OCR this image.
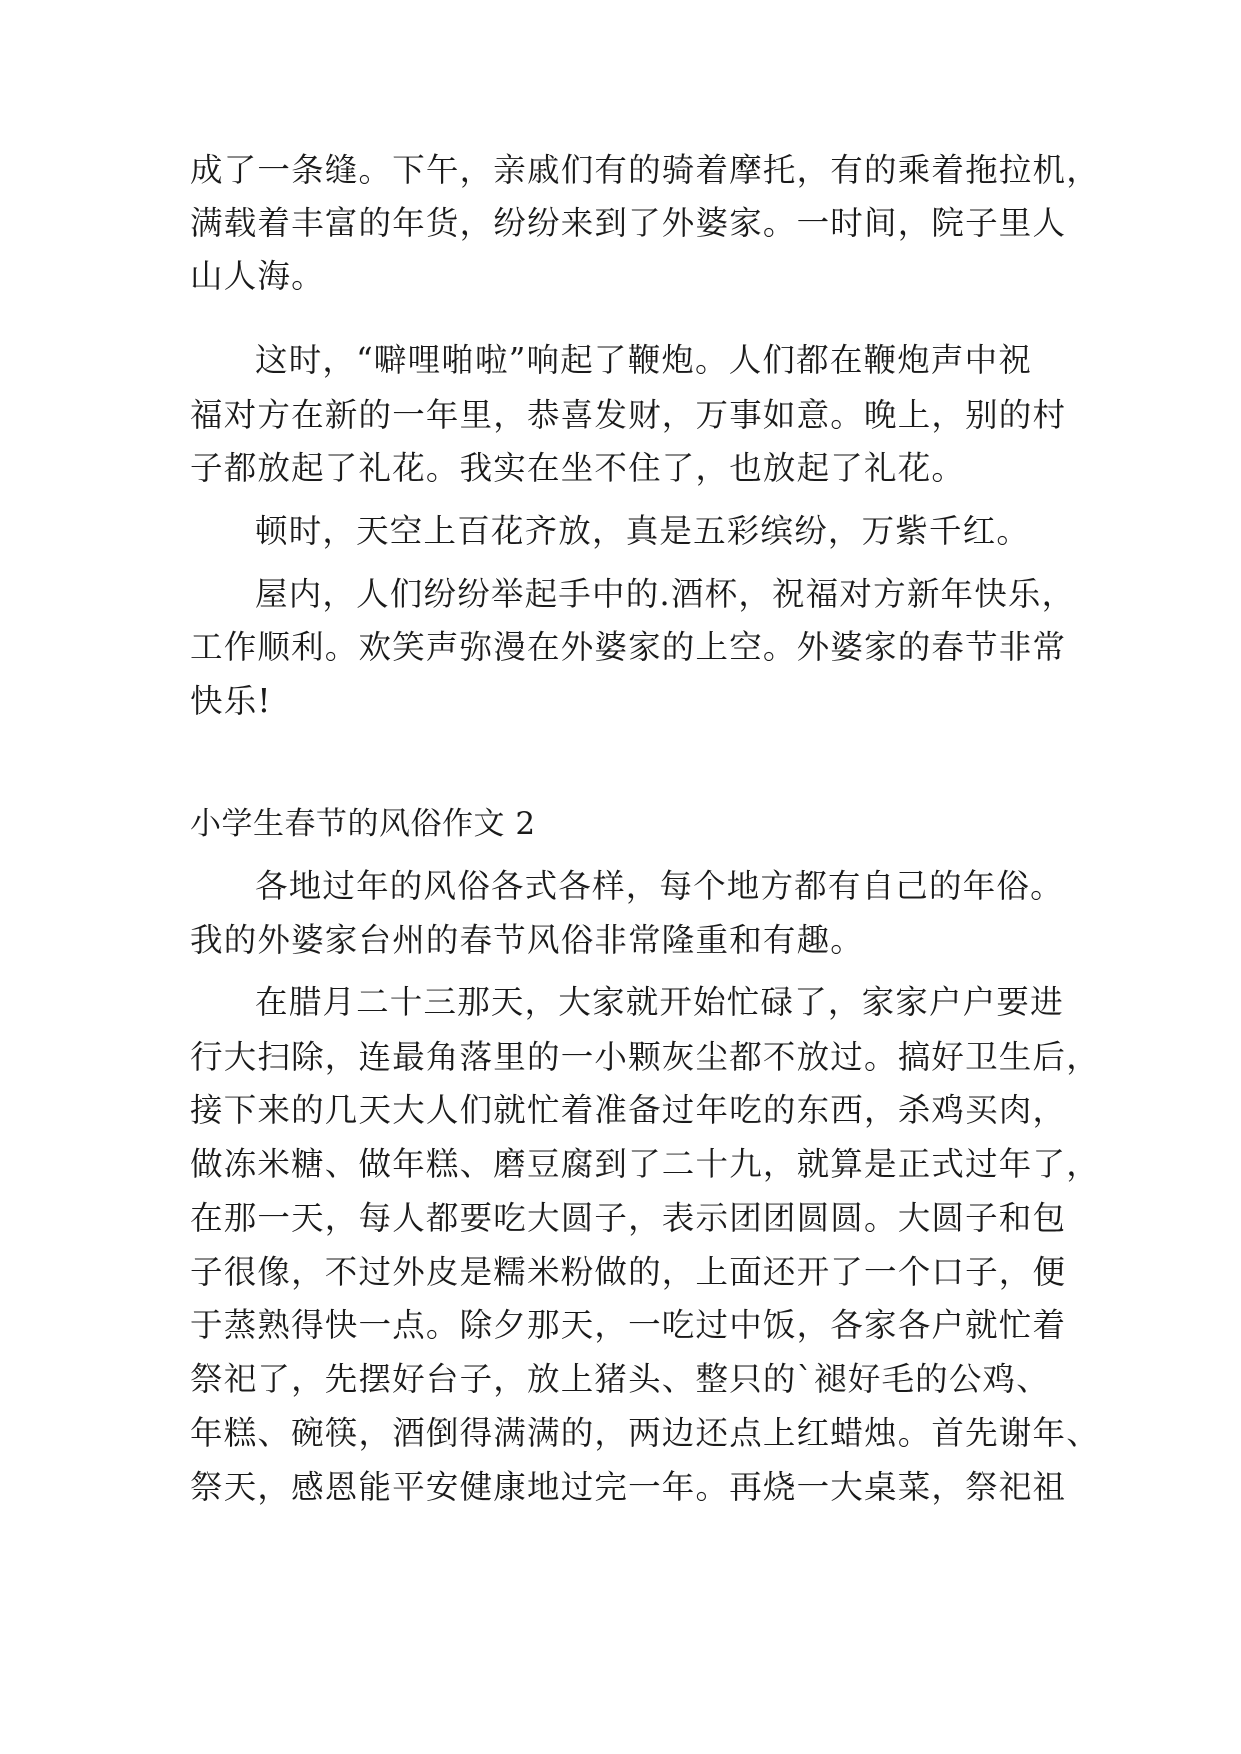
成了一条缝。下午，亲戚们有的骑着摩托，有的乘着拖拉机，
满载着丰富的年货，纷纷来到了外婆家。一时间，院子里人
山人海。
这时，“噼哩啪啦”响起了鞭炮。人们都在鞭炮声中祝
福对方在新的一年里，恭喜发财，万事如意。晚上，别的村
子都放起了礼花。我实在坐不住了，也放起了礼花。
顿时，天空上百花齐放，真是五彩缤纷，万紫千红。
屋内，人们纷纷举起手中的.酒杯，祝福对方新年快乐，
工作顺利。欢笑声弥漫在外婆家的上空。外婆家的春节非常
快乐!
小学生春节的风俗作文 2
各地过年的风俗各式各样，每个地方都有自己的年俗。
我的外婆家台州的春节风俗非常隆重和有趣。
在腊月二十三那天，大家就开始忙碌了，家家户户要进
行大扫除，连最角落里的一小颗灰尘都不放过。搞好卫生后，
接下来的几天大人们就忙着准备过年吃的东西，杀鸡买肉，
做冻米糖、做年糕、磨豆腐到了二十九，就算是正式过年了，
在那一天，每人都要吃大圆子，表示团团圆圆。大圆子和包
子很像，不过外皮是糯米粉做的，上面还开了一个口子，便
于蒸熟得快一点。除夕那天，一吃过中饭，各家各户就忙着
祭祀了，先摆好台子，放上猪头、整只的`褪好毛的公鸡、
年糕、碗筷，酒倒得满满的，两边还点上红蜡烛。首先谢年、
祭天，感恩能平安健康地过完一年。再烧一大桌菜，祭祀祖
